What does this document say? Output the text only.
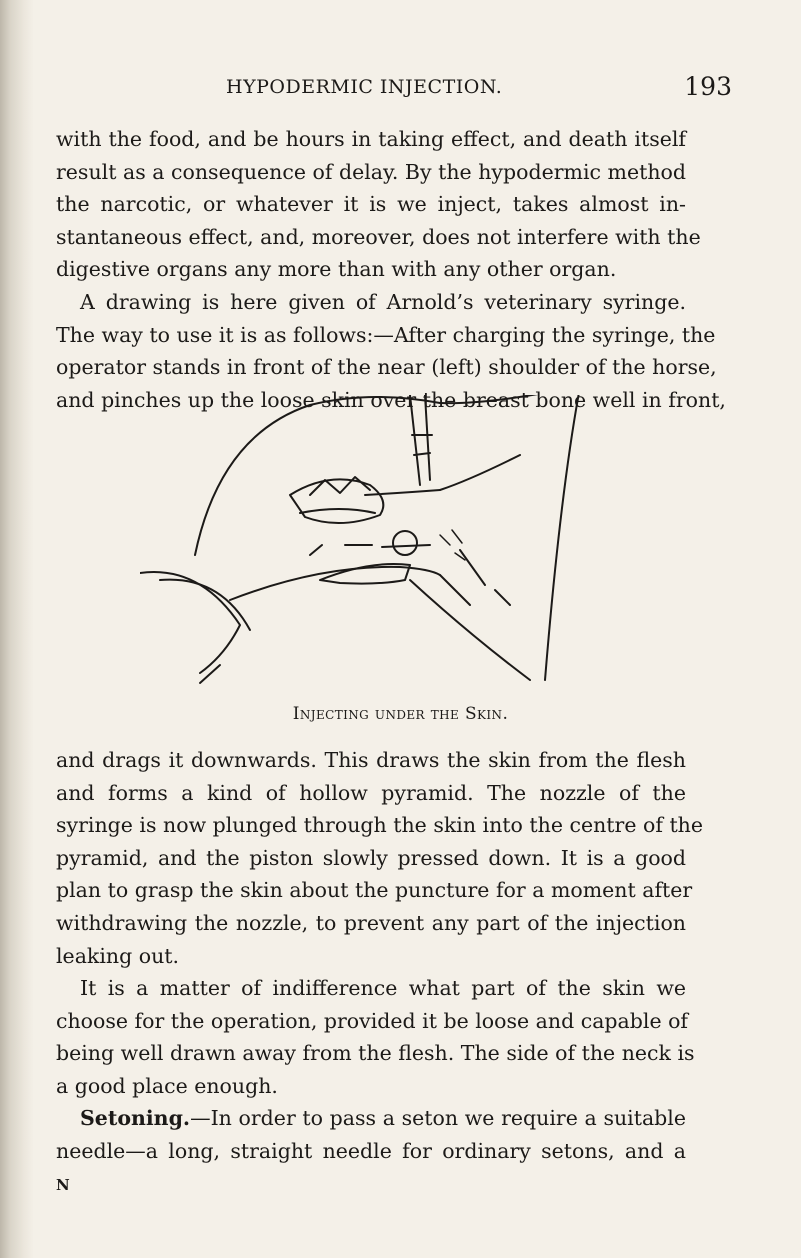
HYPODERMIC INJECTION.	193
with the food, and be hours in taking effect, and death itself
result as a consequence of delay. By the hypodermic method
the narcotic, or whatever it is we inject, takes almost in-
stantaneous effect, and, moreover, does not interfere with the
digestive organs any more than with any other organ.
A drawing is here given of Arnold’s veterinary syringe.
The way to use it is as follows:—After charging the syringe, the
operator stands in front of the near (left) shoulder of the horse,
and pinches up the loose skin over the breast bone well in front,
Injecting under the Skin.
and drags it downwards. This draws the skin from the flesh
and forms a kind of hollow pyramid. The nozzle of the
syringe is now plunged through the skin into the centre of the
pyramid, and the piston slowly pressed down. It is a good
plan to grasp the skin about the puncture for a moment after
withdrawing the nozzle, to prevent any part of the injection
leaking out.
It is a matter of indifference what part of the skin we
choose for the operation, provided it be loose and capable of
being well drawn away from the flesh. The side of the neck is
a good place enough.
Setoning.—In order to pass a seton we require a suitable
needle—a long, straight needle for ordinary setons, and a
N
